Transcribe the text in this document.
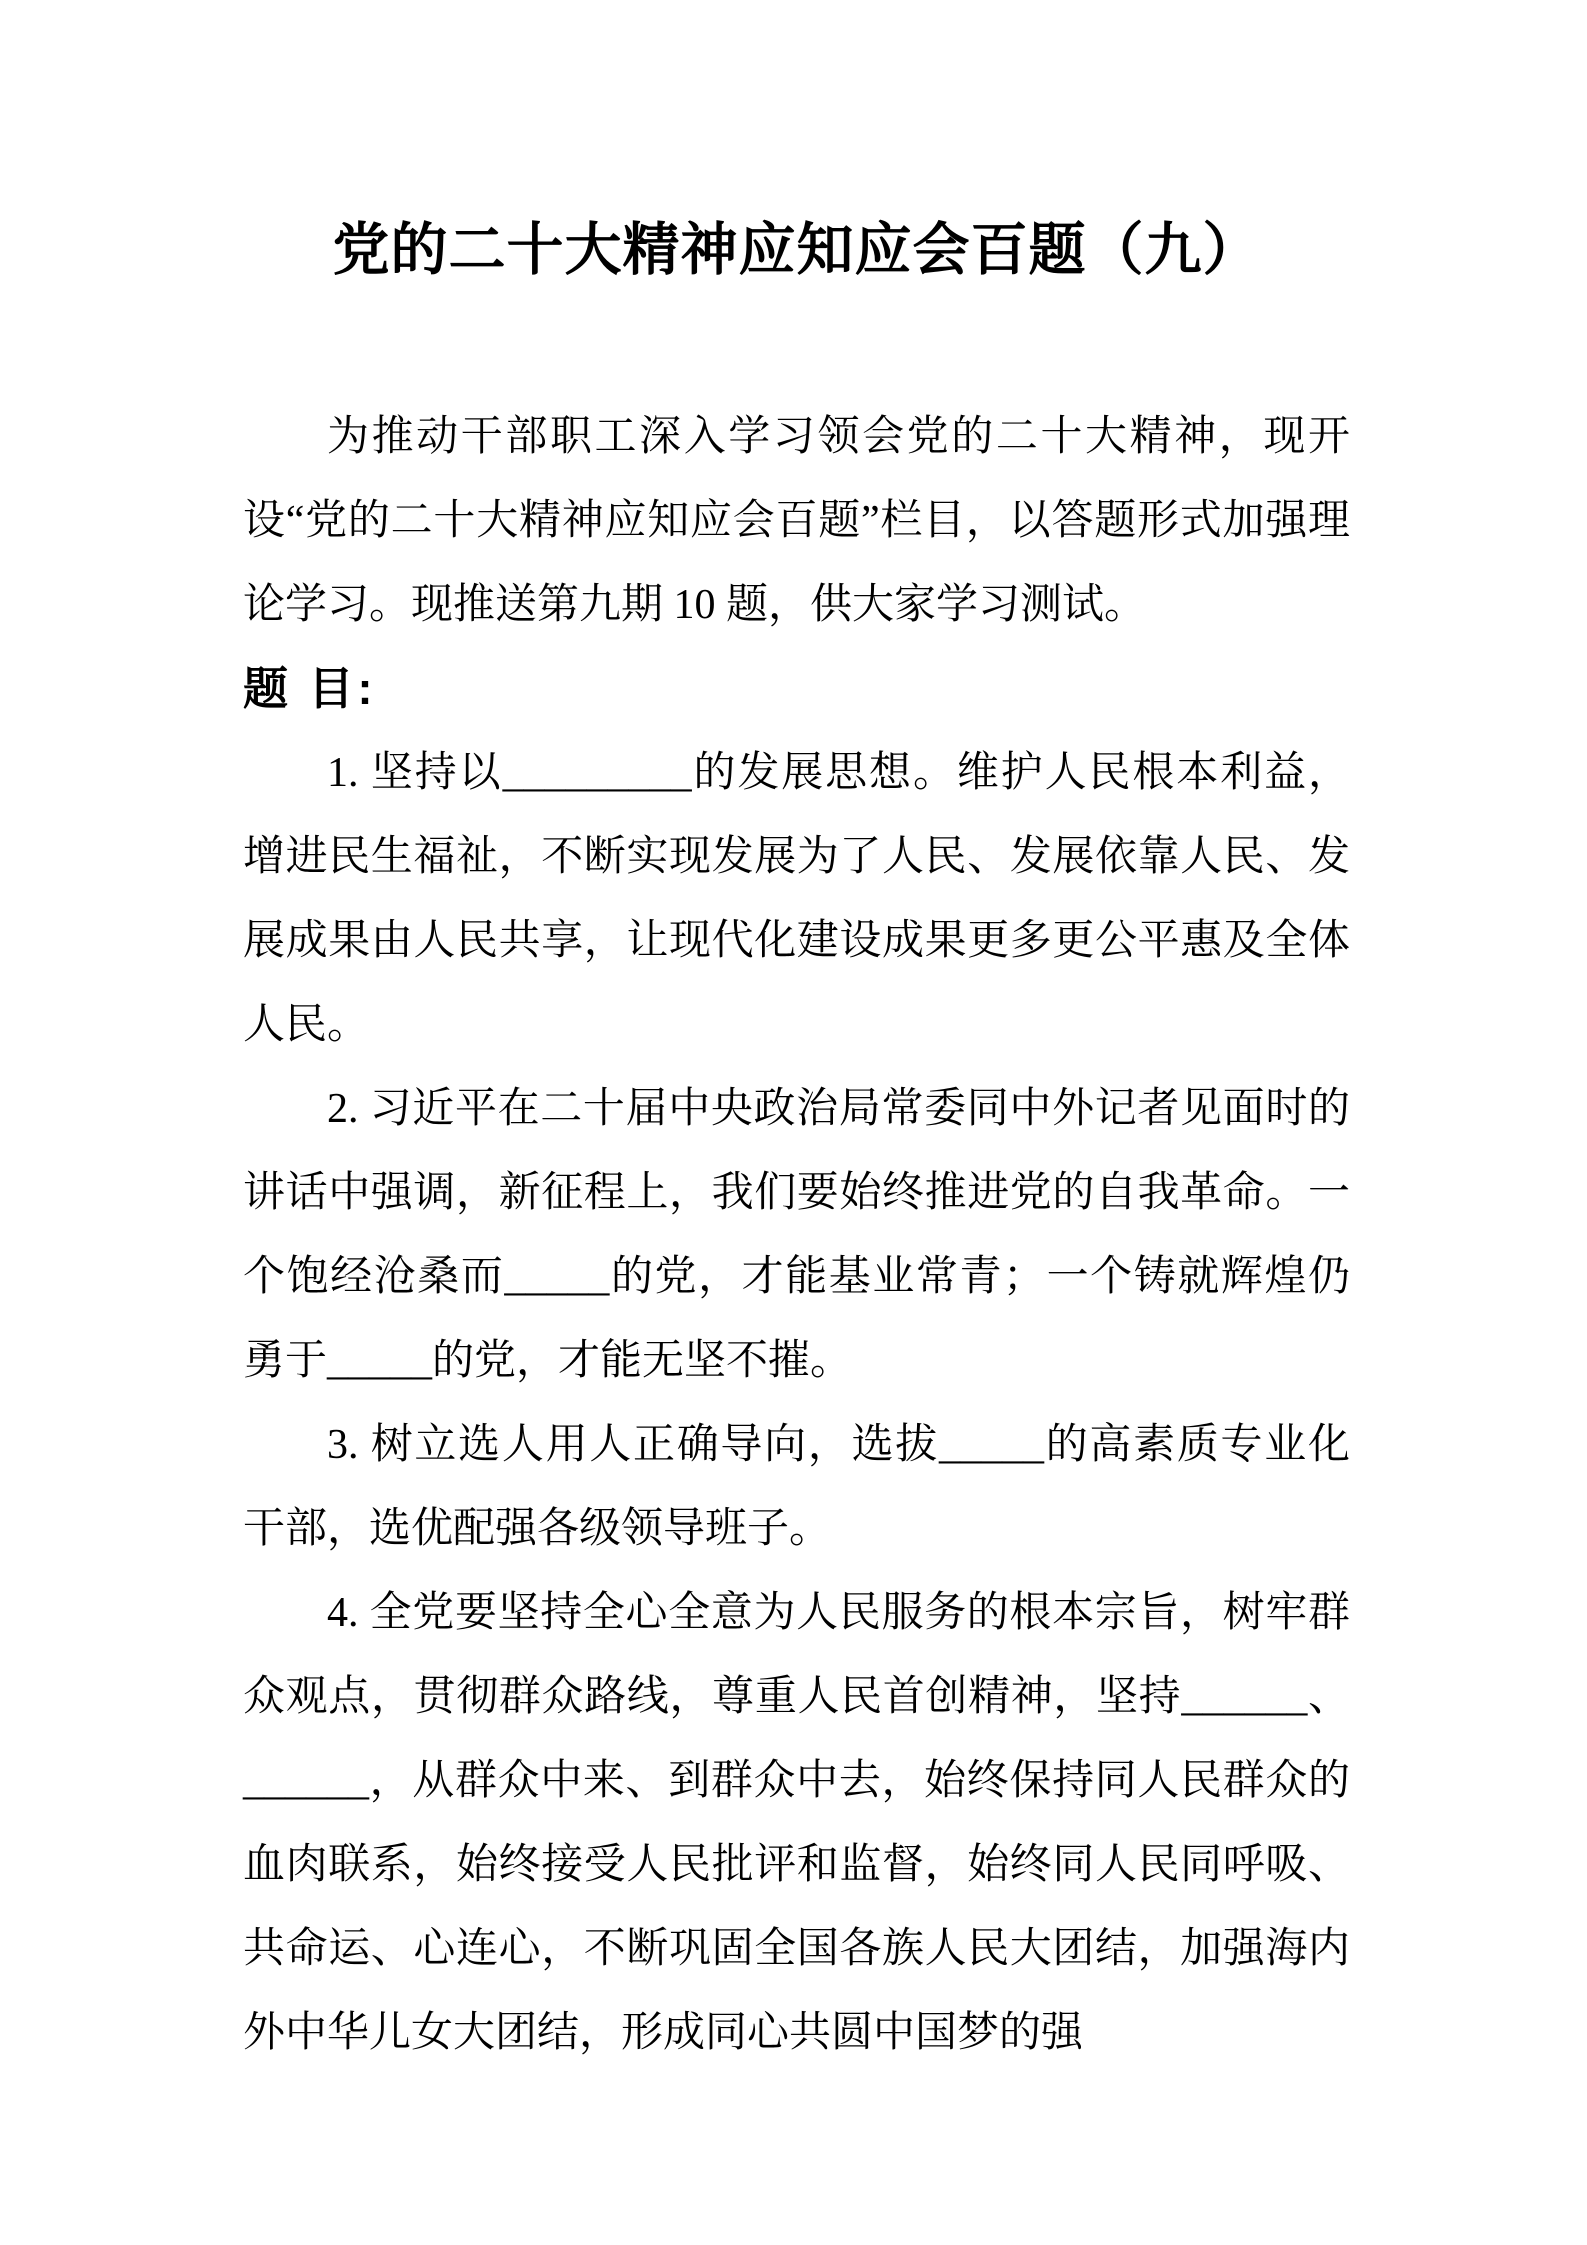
党的二十大精神应知应会百题（九）

为推动干部职工深入学习领会党的二十大精神，现开设“党的二十大精神应知应会百题”栏目，以答题形式加强理论学习。现推送第九期 10 题，供大家学习测试。

题 目:

1. 坚持以_________的发展思想。维护人民根本利益，增进民生福祉，不断实现发展为了人民、发展依靠人民、发展成果由人民共享，让现代化建设成果更多更公平惠及全体人民。

2. 习近平在二十届中央政治局常委同中外记者见面时的讲话中强调，新征程上，我们要始终推进党的自我革命。一个饱经沧桑而_____的党，才能基业常青；一个铸就辉煌仍勇于_____的党，才能无坚不摧。

3. 树立选人用人正确导向，选拔_____的高素质专业化干部，选优配强各级领导班子。

4. 全党要坚持全心全意为人民服务的根本宗旨，树牢群众观点，贯彻群众路线，尊重人民首创精神，坚持______、______，从群众中来、到群众中去，始终保持同人民群众的血肉联系，始终接受人民批评和监督，始终同人民同呼吸、共命运、心连心，不断巩固全国各族人民大团结，加强海内外中华儿女大团结，形成同心共圆中国梦的强
